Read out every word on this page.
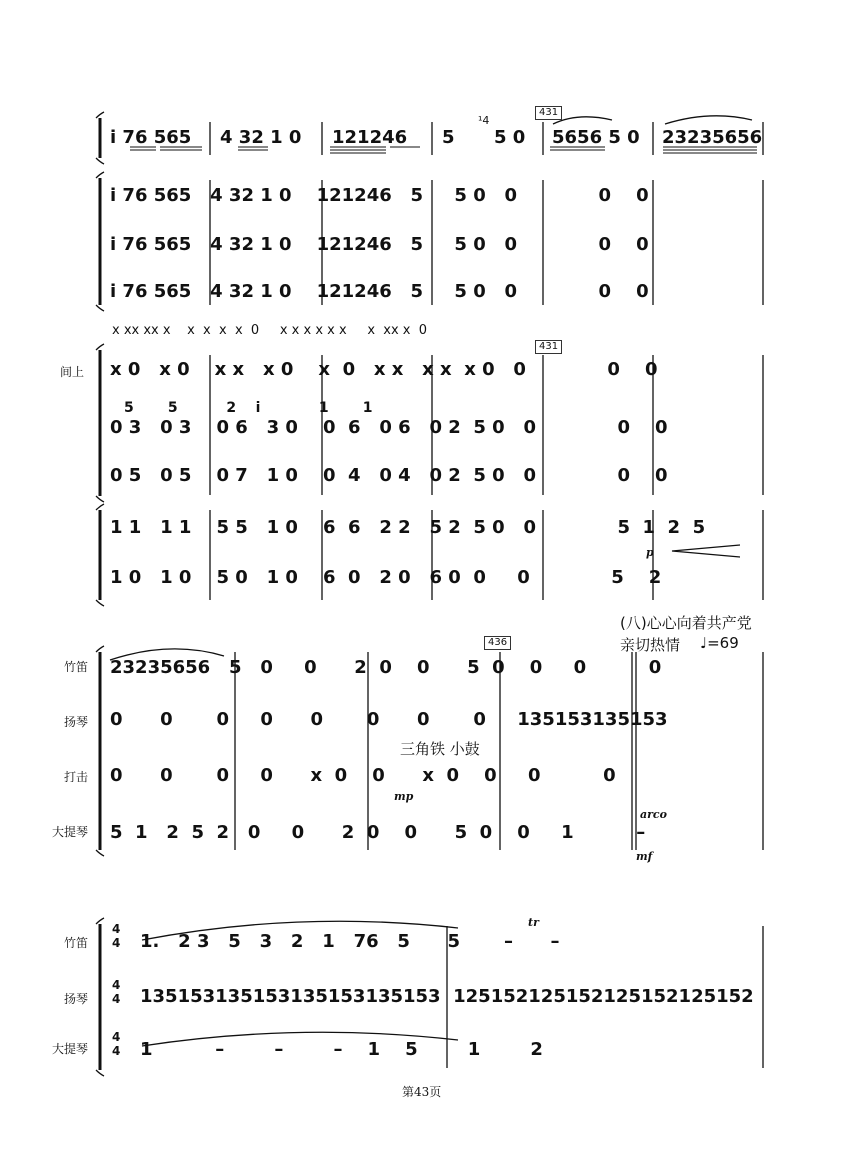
i 76 565 4 32 1 0 121246 5 5 0 5656 5 0 23235656
431
¹4
i 76 565   4 32 1 0    121246   5     5 0   0             0    0
i 76 565   4 32 1 0    121246   5     5 0   0             0    0
i 76 565   4 32 1 0    121246   5     5 0   0             0    0
x xx xx x    x  x  x  x  0     x x x x x x     x  xx x  0
431
间上 x 0   x 0    x x   x 0    x  0   x x   x x  x 0   0             0    0
5       5          2    i            1       1
0 3   0 3    0 6   3 0    0  6   0 6   0 2  5 0   0             0    0
0 5   0 5    0 7   1 0    0  4   0 4   0 2  5 0   0             0    0
1 1   1 1    5 5   1 0    6  6   2 2   5 2  5 0   0             5  1  2  5
1 0   1 0    5 0   1 0    6  0   2 0   6 0  0     0             5    2
p
(八)心心向着共产党
亲切热情 ♩=69
436
竹笛
扬琴
打击
大提琴
23235656   5   0     0      2  0    0      5  0    0     0          0
0      0       0     0      0       0      0       0     135153135153
三角铁 小鼓
0      0       0     0      x  0    0      x  0    0     0          0
mp
5  1   2  5  2   0     0      2  0    0      5  0    0     1          –
arco
mf
竹笛
扬琴
大提琴
4
4
4
4
4
4
1.   2 3   5   3   2   1   76   5      5       –      –
tr
135153135153135153135153  125152125152125152125152
1          –        –        –    1    5        1        2
第43页
